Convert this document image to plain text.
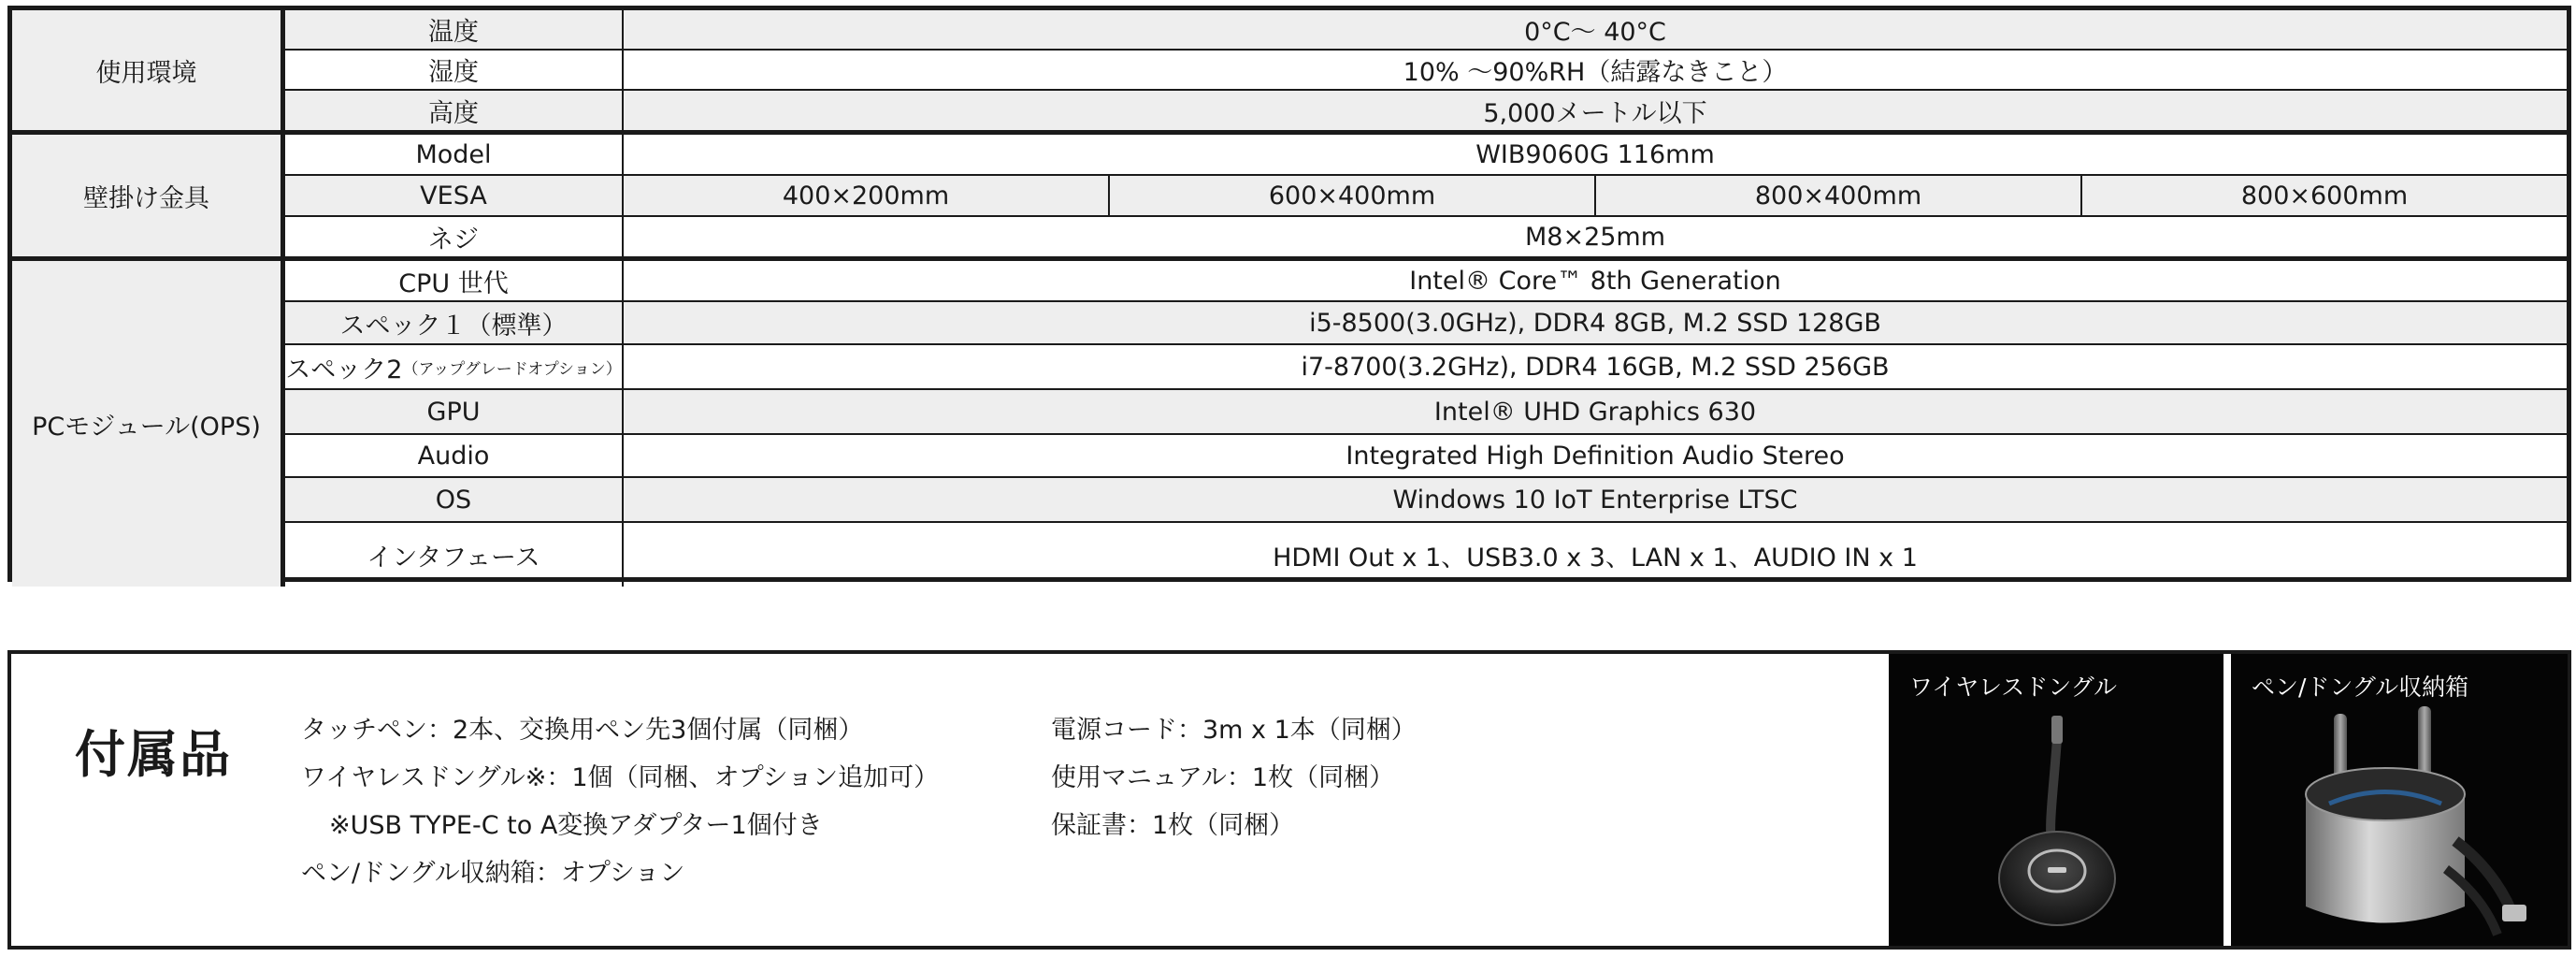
使用環境
温度	0°C〜 40°C
湿度	10% 〜90%RH（結露なきこと）
高度	5,000メートル以下
壁掛け金具
Model	WIB9060G 116mm
VESA	400×200mm	600×400mm	800×400mm	800×600mm
ネジ	M8×25mm
PCモジュール(OPS)
CPU 世代	Intel® Core™ 8th Generation
スペック１（標準）	i5-8500(3.0GHz), DDR4 8GB, M.2 SSD 128GB
スペック2 （アップグレードオプション）	i7-8700(3.2GHz), DDR4 16GB, M.2 SSD 256GB
GPU	Intel® UHD Graphics 630
Audio	Integrated High Definition Audio Stereo
OS	Windows 10 IoT Enterprise LTSC
インタフェース	HDMI Out x 1、USB3.0 x 3、LAN x 1、AUDIO IN x 1
付属品	タッチペン：2本、交換用ペン先3個付属（同梱）
ワイヤレスドングル※：1個（同梱、オプション追加可）
※USB TYPE-C to A変換アダプター1個付き
ペン/ドングル収納箱：オプション
電源コード：3m x 1本（同梱）
使用マニュアル：1枚（同梱）
保証書：1枚（同梱）
ワイヤレスドングル	ペン/ドングル収納箱
